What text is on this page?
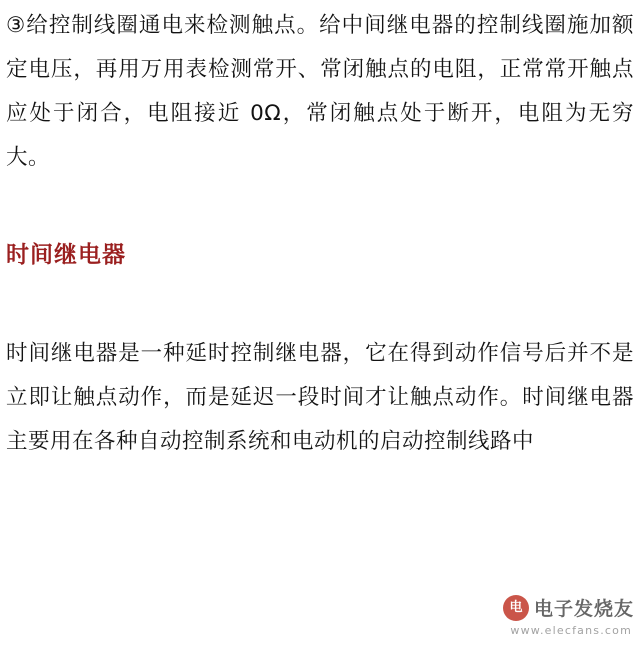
③给控制线圈通电来检测触点。给中间继电器的控制线圈施加额定电压，再用万用表检测常开、常闭触点的电阻，正常常开触点应处于闭合，电阻接近 0Ω，常闭触点处于断开，电阻为无穷大。

时间继电器

时间继电器是一种延时控制继电器，它在得到动作信号后并不是立即让触点动作，而是延迟一段时间才让触点动作。时间继电器主要用在各种自动控制系统和电动机的启动控制线路中

电 电子发烧友
www.elecfans.com
